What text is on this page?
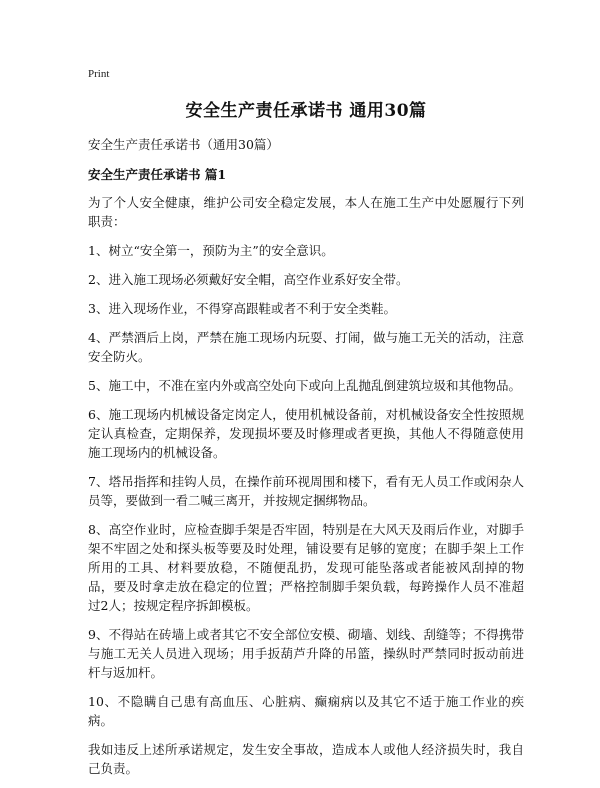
Print
安全生产责任承诺书 通用30篇
安全生产责任承诺书（通用30篇）
安全生产责任承诺书 篇1

为了个人安全健康，维护公司安全稳定发展，本人在施工生产中处愿履行下列职责：

1、树立“安全第一，预防为主”的安全意识。

2、进入施工现场必须戴好安全帽，高空作业系好安全带。

3、进入现场作业，不得穿高跟鞋或者不利于安全类鞋。

4、严禁酒后上岗，严禁在施工现场内玩耍、打闹，做与施工无关的活动，注意安全防火。

5、施工中，不准在室内外或高空处向下或向上乱抛乱倒建筑垃圾和其他物品。

6、施工现场内机械设备定岗定人，使用机械设备前，对机械设备安全性按照规定认真检查，定期保养，发现损坏要及时修理或者更换，其他人不得随意使用施工现场内的机械设备。

7、塔吊指挥和挂钩人员，在操作前环视周围和楼下，看有无人员工作或闲杂人员等，要做到一看二喊三离开，并按规定捆绑物品。

8、高空作业时，应检查脚手架是否牢固，特别是在大风天及雨后作业，对脚手架不牢固之处和探头板等要及时处理，铺设要有足够的宽度；在脚手架上工作所用的工具、材料要放稳，不随便乱扔，发现可能坠落或者能被风刮掉的物品，要及时拿走放在稳定的位置；严格控制脚手架负载，每跨操作人员不准超过2人；按规定程序拆卸模板。

9、不得站在砖墙上或者其它不安全部位安模、砌墙、划线、刮缝等；不得携带与施工无关人员进入现场；用手扳葫芦升降的吊篮，操纵时严禁同时扳动前进杆与返加杆。

10、不隐瞒自己患有高血压、心脏病、癫痫病以及其它不适于施工作业的疾病。

我如违反上述所承诺规定，发生安全事故，造成本人或他人经济损失时，我自己负责。
